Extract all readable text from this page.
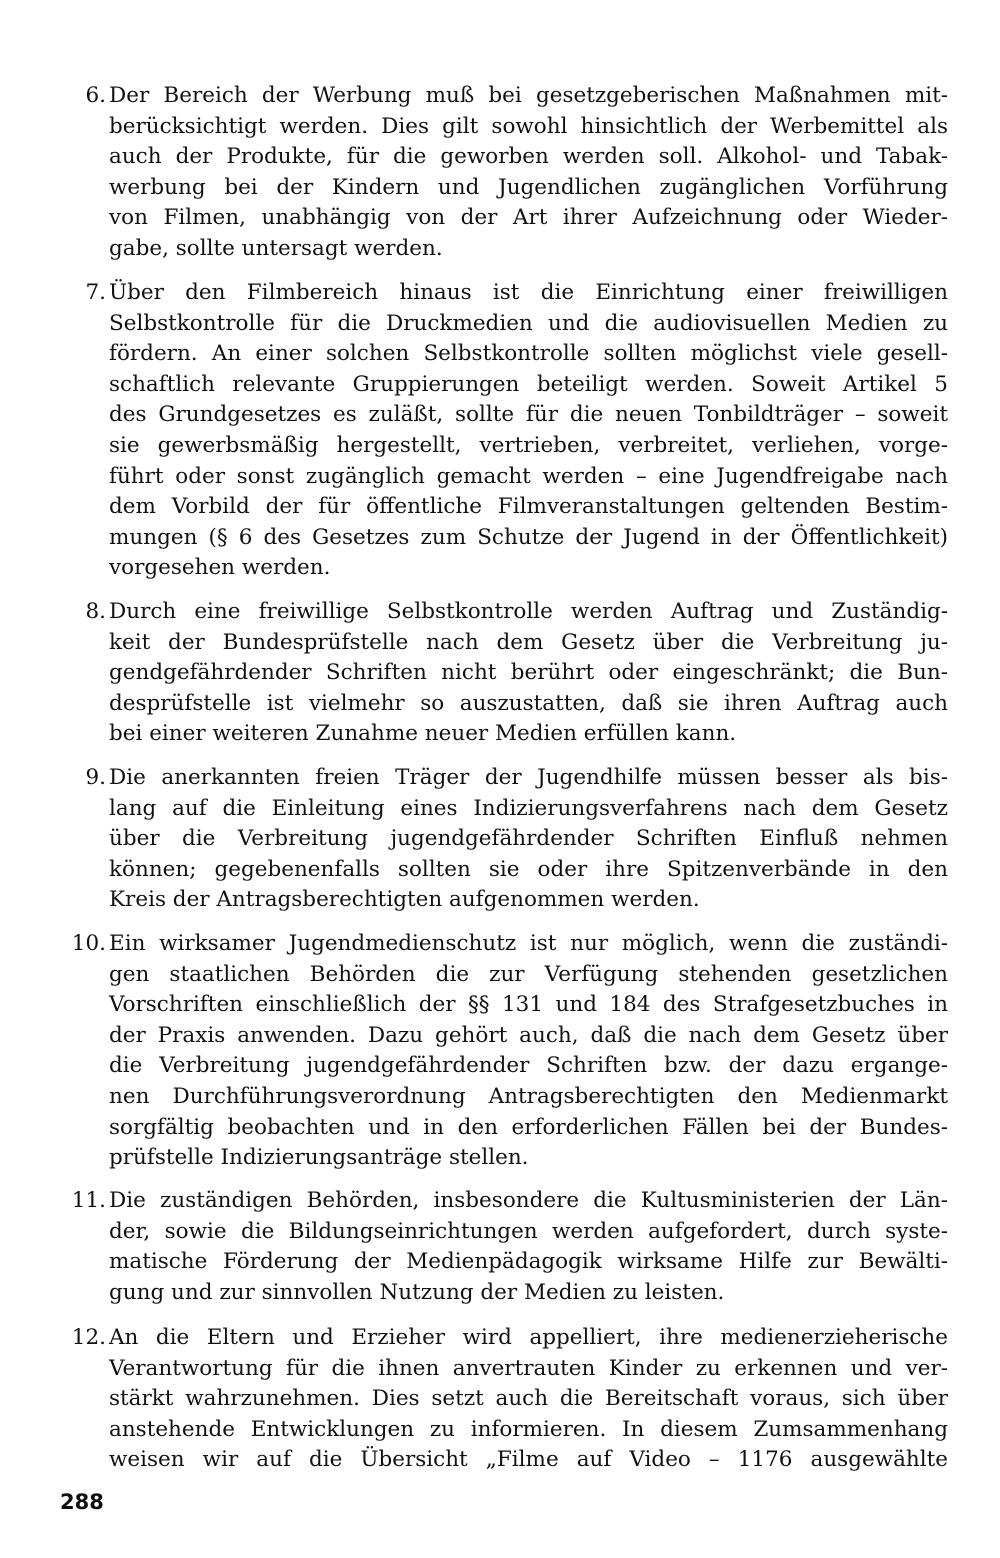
6. Der Bereich der Werbung muß bei gesetzgeberischen Maßnahmen mit-
berücksichtigt werden. Dies gilt sowohl hinsichtlich der Werbemittel als
auch der Produkte, für die geworben werden soll. Alkohol- und Tabak-
werbung bei der Kindern und Jugendlichen zugänglichen Vorführung
von Filmen, unabhängig von der Art ihrer Aufzeichnung oder Wieder-
gabe, sollte untersagt werden.
7. Über den Filmbereich hinaus ist die Einrichtung einer freiwilligen
Selbstkontrolle für die Druckmedien und die audiovisuellen Medien zu
fördern. An einer solchen Selbstkontrolle sollten möglichst viele gesell-
schaftlich relevante Gruppierungen beteiligt werden. Soweit Artikel 5
des Grundgesetzes es zuläßt, sollte für die neuen Tonbildträger – soweit
sie gewerbsmäßig hergestellt, vertrieben, verbreitet, verliehen, vorge-
führt oder sonst zugänglich gemacht werden – eine Jugendfreigabe nach
dem Vorbild der für öffentliche Filmveranstaltungen geltenden Bestim-
mungen (§ 6 des Gesetzes zum Schutze der Jugend in der Öffentlichkeit)
vorgesehen werden.
8. Durch eine freiwillige Selbstkontrolle werden Auftrag und Zuständig-
keit der Bundesprüfstelle nach dem Gesetz über die Verbreitung ju-
gendgefährdender Schriften nicht berührt oder eingeschränkt; die Bun-
desprüfstelle ist vielmehr so auszustatten, daß sie ihren Auftrag auch
bei einer weiteren Zunahme neuer Medien erfüllen kann.
9. Die anerkannten freien Träger der Jugendhilfe müssen besser als bis-
lang auf die Einleitung eines Indizierungsverfahrens nach dem Gesetz
über die Verbreitung jugendgefährdender Schriften Einfluß nehmen
können; gegebenenfalls sollten sie oder ihre Spitzenverbände in den
Kreis der Antragsberechtigten aufgenommen werden.
10. Ein wirksamer Jugendmedienschutz ist nur möglich, wenn die zuständi-
gen staatlichen Behörden die zur Verfügung stehenden gesetzlichen
Vorschriften einschließlich der §§ 131 und 184 des Strafgesetzbuches in
der Praxis anwenden. Dazu gehört auch, daß die nach dem Gesetz über
die Verbreitung jugendgefährdender Schriften bzw. der dazu ergange-
nen Durchführungsverordnung Antragsberechtigten den Medienmarkt
sorgfältig beobachten und in den erforderlichen Fällen bei der Bundes-
prüfstelle Indizierungsanträge stellen.
11. Die zuständigen Behörden, insbesondere die Kultusministerien der Län-
der, sowie die Bildungseinrichtungen werden aufgefordert, durch syste-
matische Förderung der Medienpädagogik wirksame Hilfe zur Bewälti-
gung und zur sinnvollen Nutzung der Medien zu leisten.
12. An die Eltern und Erzieher wird appelliert, ihre medienerzieherische
Verantwortung für die ihnen anvertrauten Kinder zu erkennen und ver-
stärkt wahrzunehmen. Dies setzt auch die Bereitschaft voraus, sich über
anstehende Entwicklungen zu informieren. In diesem Zumsammenhang
weisen wir auf die Übersicht „Filme auf Video – 1176 ausgewählte
288
